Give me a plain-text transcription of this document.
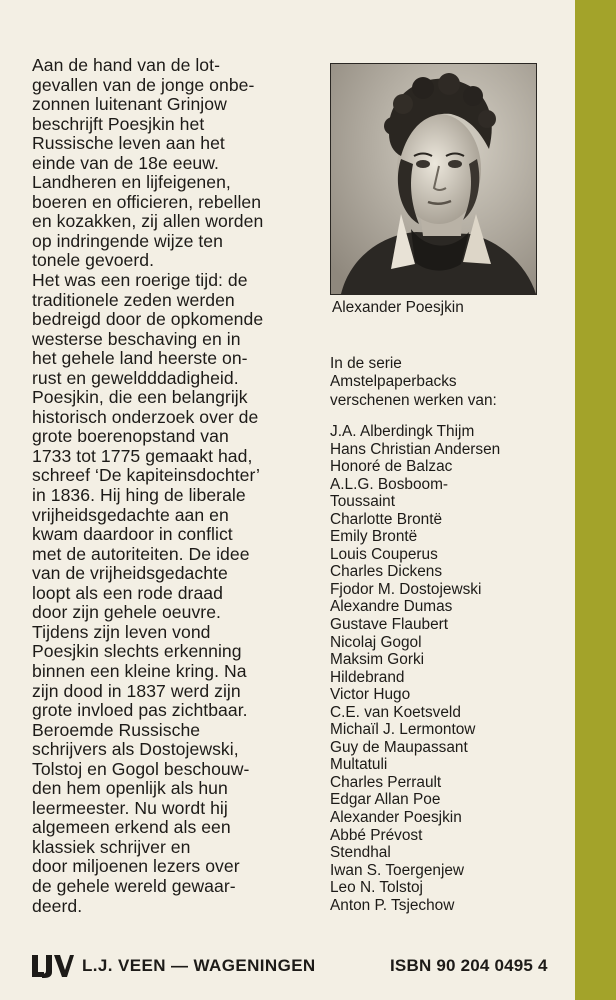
Aan de hand van de lot-
gevallen van de jonge onbe-
zonnen luitenant Grinjow
beschrijft Poesjkin het
Russische leven aan het
einde van de 18e eeuw.
Landheren en lijfeigenen,
boeren en officieren, rebellen
en kozakken, zij allen worden
op indringende wijze ten
tonele gevoerd.
Het was een roerige tijd: de
traditionele zeden werden
bedreigd door de opkomende
westerse beschaving en in
het gehele land heerste on-
rust en geweldddadigheid.
Poesjkin, die een belangrijk
historisch onderzoek over de
grote boerenopstand van
1733 tot 1775 gemaakt had,
schreef ‘De kapiteinsdochter’
in 1836. Hij hing de liberale
vrijheidsgedachte aan en
kwam daardoor in conflict
met de autoriteiten. De idee
van de vrijheidsgedachte
loopt als een rode draad
door zijn gehele oeuvre.
Tijdens zijn leven vond
Poesjkin slechts erkenning
binnen een kleine kring. Na
zijn dood in 1837 werd zijn
grote invloed pas zichtbaar.
Beroemde Russische
schrijvers als Dostojewski,
Tolstoj en Gogol beschouw-
den hem openlijk als hun
leermeester. Nu wordt hij
algemeen erkend als een
klassiek schrijver en
door miljoenen lezers over
de gehele wereld gewaar-
deerd.

Alexander Poesjkin
In de serie
Amstelpaperbacks
verschenen werken van:
J.A. Alberdingk Thijm
Hans Christian Andersen
Honoré de Balzac
A.L.G. Bosboom-
Toussaint
Charlotte Brontë
Emily Brontë
Louis Couperus
Charles Dickens
Fjodor M. Dostojewski
Alexandre Dumas
Gustave Flaubert
Nicolaj Gogol
Maksim Gorki
Hildebrand
Victor Hugo
C.E. van Koetsveld
Michaïl J. Lermontow
Guy de Maupassant
Multatuli
Charles Perrault
Edgar Allan Poe
Alexander Poesjkin
Abbé Prévost
Stendhal
Iwan S. Toergenjew
Leo N. Tolstoj
Anton P. Tsjechow
L.J. VEEN — WAGENINGEN	ISBN 90 204 0495 4
